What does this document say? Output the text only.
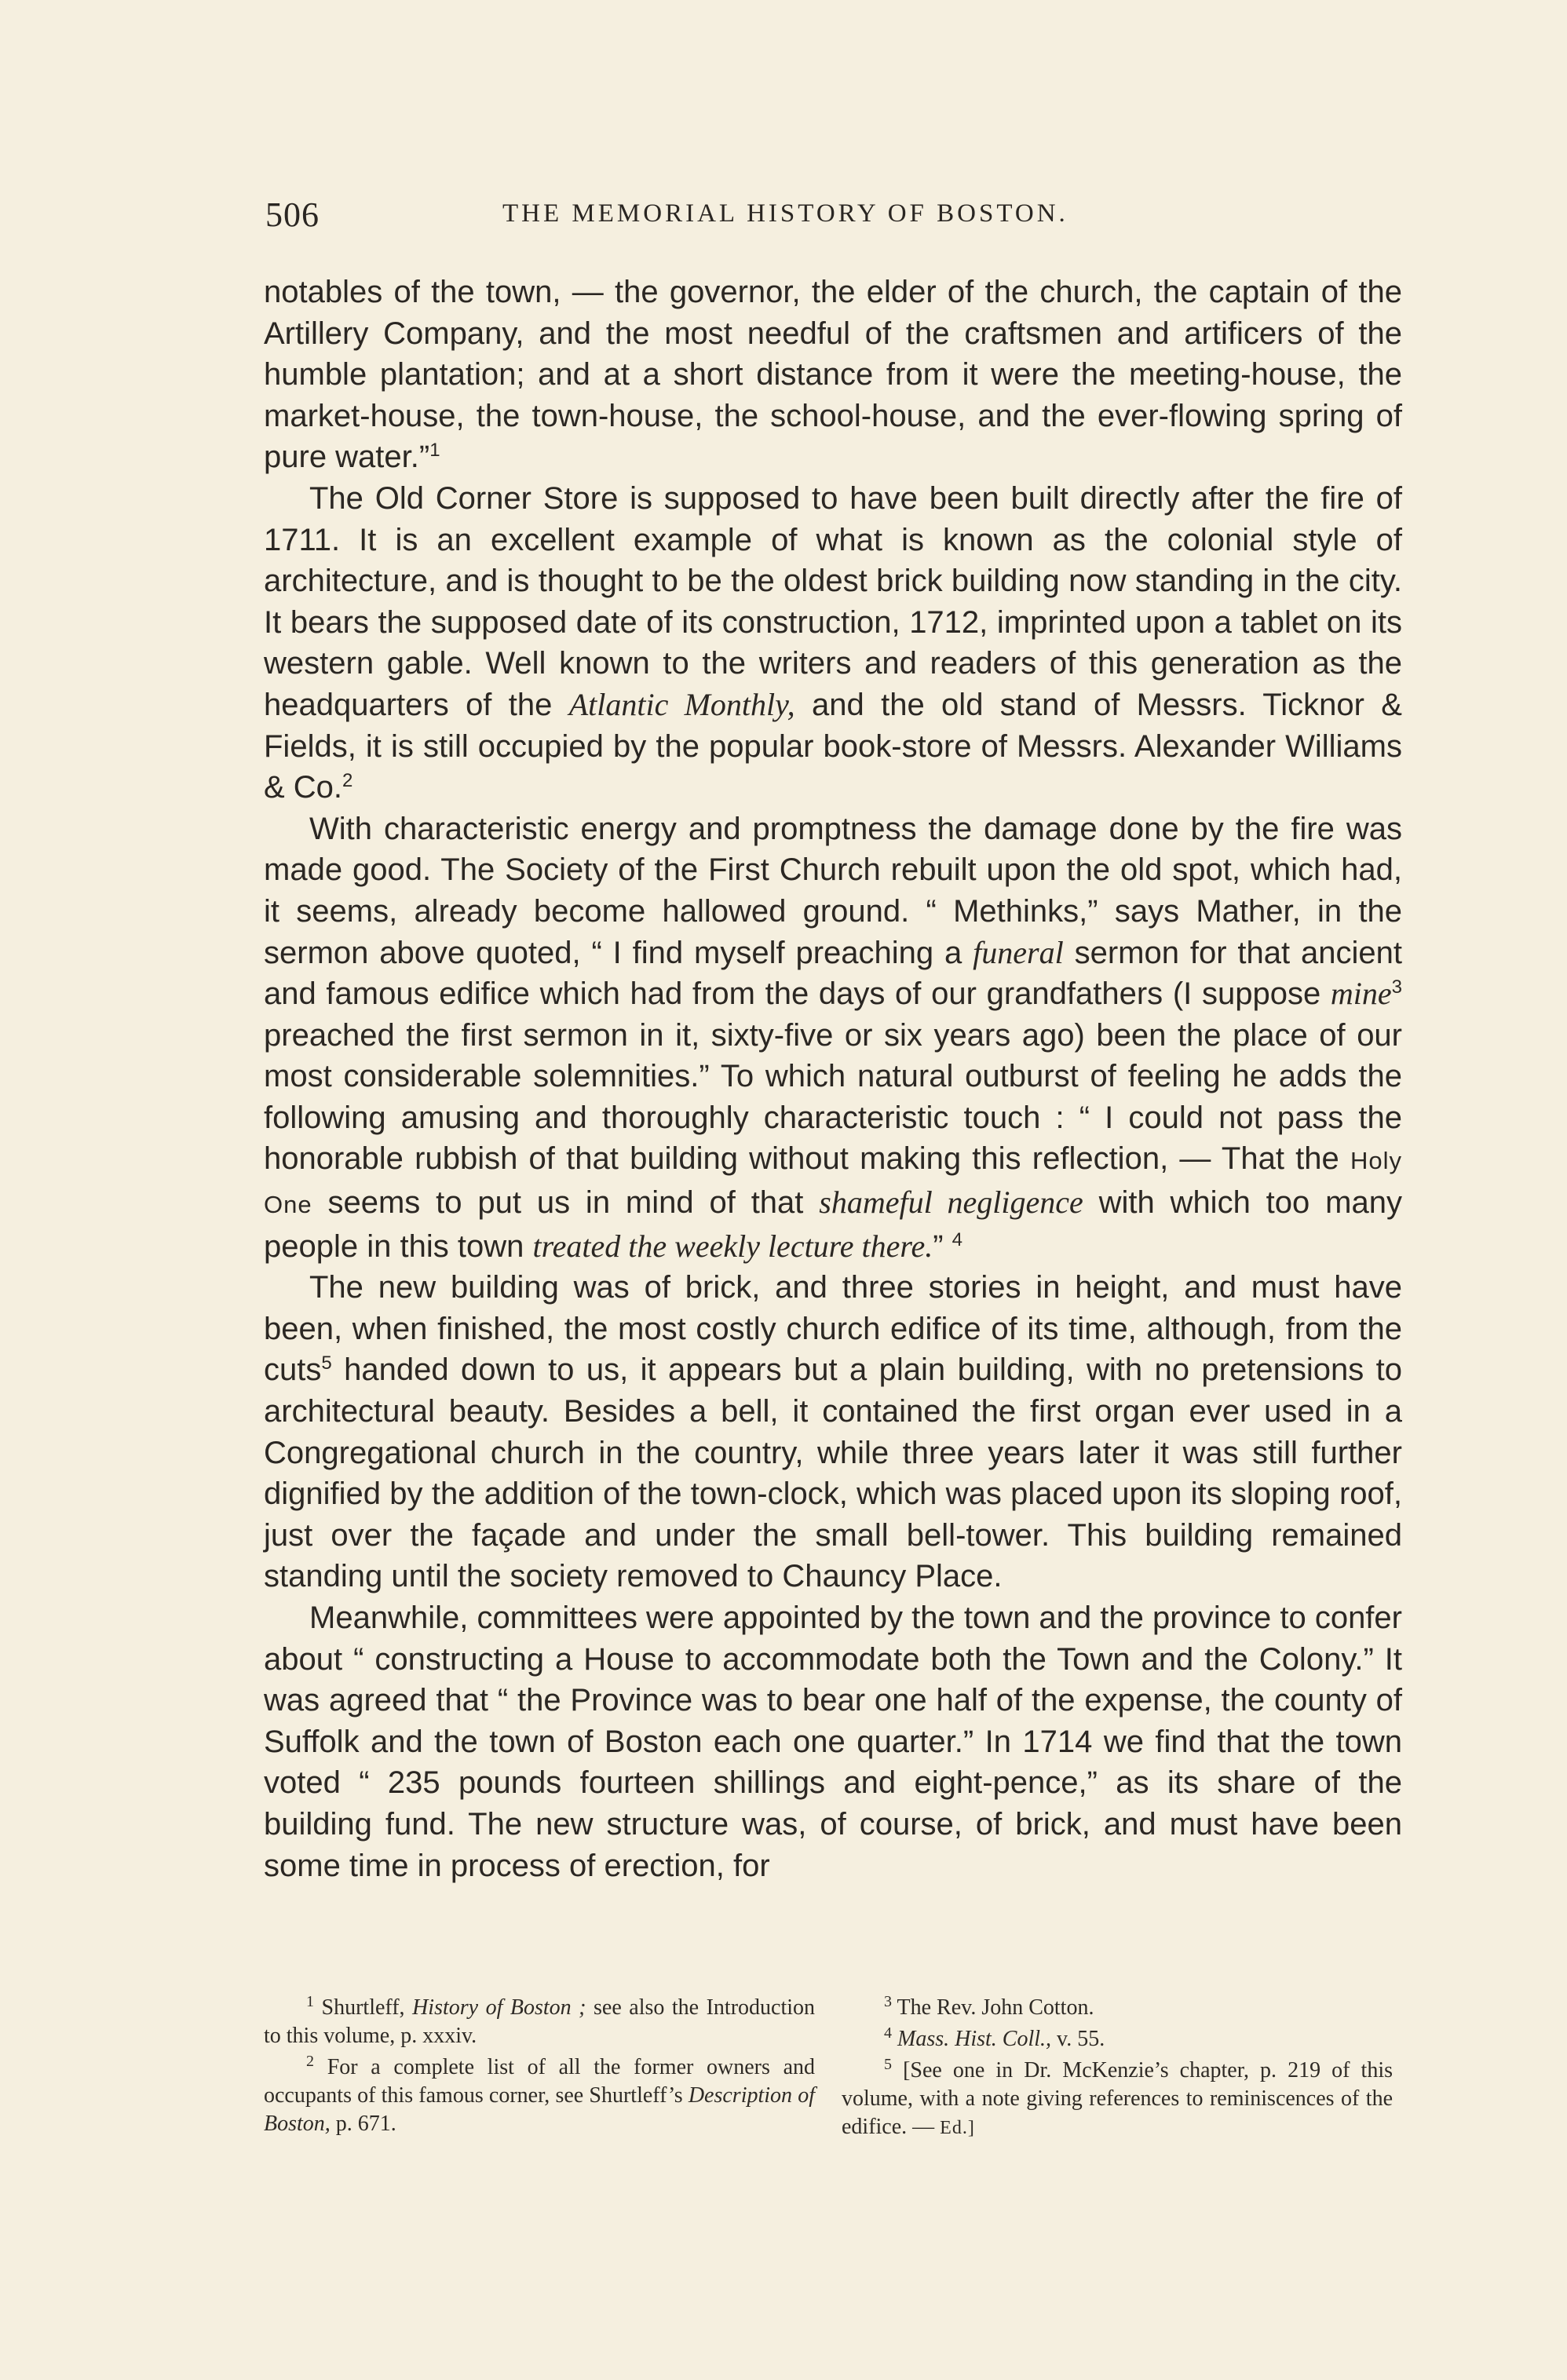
506	THE MEMORIAL HISTORY OF BOSTON.

notables of the town, — the governor, the elder of the church, the captain of the Artillery Company, and the most needful of the craftsmen and artificers of the humble plantation; and at a short distance from it were the meeting-house, the market-house, the town-house, the school-house, and the ever-flowing spring of pure water.”$^1$

The Old Corner Store is supposed to have been built directly after the fire of 1711. It is an excellent example of what is known as the colonial style of architecture, and is thought to be the oldest brick building now standing in the city. It bears the supposed date of its construction, 1712, imprinted upon a tablet on its western gable. Well known to the writers and readers of this generation as the headquarters of the Atlantic Monthly, and the old stand of Messrs. Ticknor & Fields, it is still occupied by the popular book-store of Messrs. Alexander Williams & Co.$^2$

With characteristic energy and promptness the damage done by the fire was made good. The Society of the First Church rebuilt upon the old spot, which had, it seems, already become hallowed ground. “ Methinks,” says Mather, in the sermon above quoted, “ I find myself preaching a funeral sermon for that ancient and famous edifice which had from the days of our grandfathers (I suppose mine$^3$ preached the first sermon in it, sixty-five or six years ago) been the place of our most considerable solemnities.” To which natural outburst of feeling he adds the following amusing and thoroughly characteristic touch : “ I could not pass the honorable rubbish of that building without making this reflection, — That the Holy One seems to put us in mind of that shameful negligence with which too many people in this town treated the weekly lecture there.” $^4$

The new building was of brick, and three stories in height, and must have been, when finished, the most costly church edifice of its time, although, from the cuts$^5$ handed down to us, it appears but a plain building, with no pretensions to architectural beauty. Besides a bell, it contained the first organ ever used in a Congregational church in the country, while three years later it was still further dignified by the addition of the town-clock, which was placed upon its sloping roof, just over the façade and under the small bell-tower. This building remained standing until the society removed to Chauncy Place.

Meanwhile, committees were appointed by the town and the province to confer about “ constructing a House to accommodate both the Town and the Colony.” It was agreed that “ the Province was to bear one half of the expense, the county of Suffolk and the town of Boston each one quarter.” In 1714 we find that the town voted “ 235 pounds fourteen shillings and eight-pence,” as its share of the building fund. The new structure was, of course, of brick, and must have been some time in process of erection, for

$^1$ Shurtleff, History of Boston ; see also the Introduction to this volume, p. xxxiv.

$^2$ For a complete list of all the former owners and occupants of this famous corner, see Shurtleff’s Description of Boston, p. 671.

$^3$ The Rev. John Cotton.

$^4$ Mass. Hist. Coll., v. 55.

$^5$ [See one in Dr. McKenzie’s chapter, p. 219 of this volume, with a note giving references to reminiscences of the edifice. — Ed.]
